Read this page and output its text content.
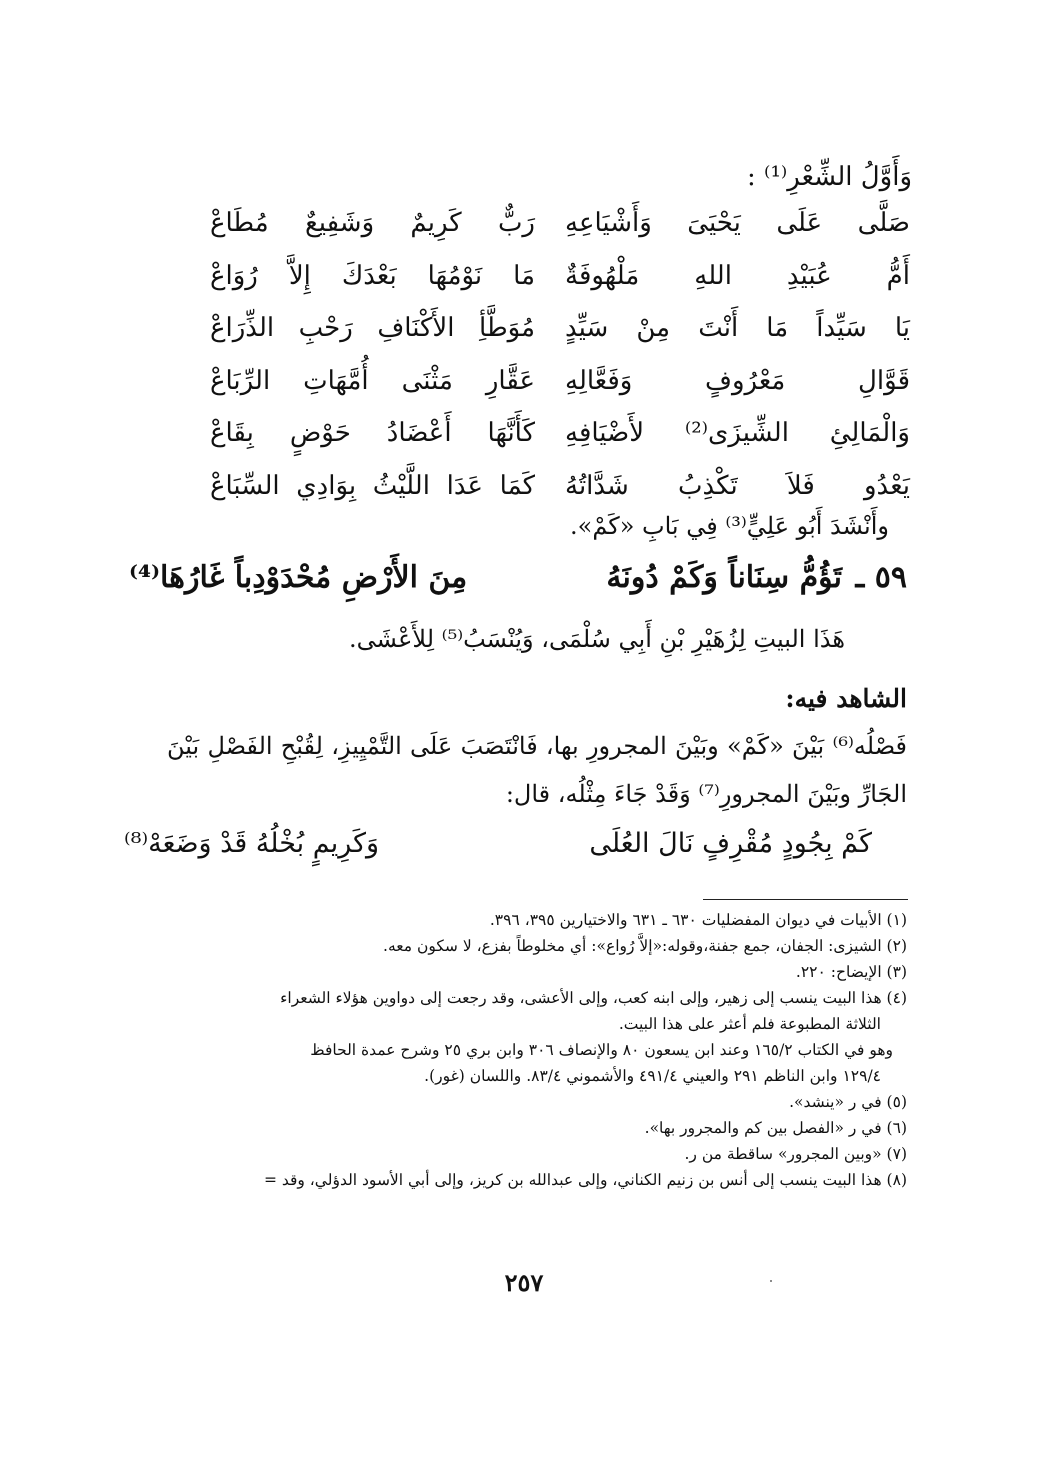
وَأَوَّلُ الشِّعْرِ⁽¹⁾ :
صَلَّى عَلَى يَحْيَىَ وَأَشْيَاعِهِ
رَبٌّ كَرِيمٌ وَشَفِيعٌ مُطَاعْ
أَمُّ عُبَيْدِ اللهِ مَلْهُوفَةٌ
مَا نَوْمُهَا بَعْدَكَ إِلاَّ رُوَاعْ
يَا سَيِّداً مَا أَنْتَ مِنْ سَيِّدٍ
مُوَطَّأِ الأَكْنَافِ رَحْبِ الذِّرَاعْ
قَوَّالِ مَعْرُوفٍ وَفَعَّالِهِ
عَقَّارِ مَثْنَى أُمَّهَاتِ الرِّبَاعْ
وَالْمَالِئِ الشِّيزَى⁽²⁾ لأَضْيَافِهِ
كَأَنَّهَا أَعْضَادُ حَوْضٍ بِقَاعْ
يَعْدُو فَلاَ تَكْذِبُ شَدَّاتُهُ
كَمَا عَدَا اللَّيْثُ بِوَادِي السِّبَاعْ
وأَنْشَدَ أَبُو عَلِيٍّ⁽³⁾ فِي بَابِ «كَمْ».
٥٩ ـ
تَؤُمُّ سِنَاناً وَكَمْ دُونَهُ
مِنَ الأَرْضِ مُحْدَوْدِباً غَارُهَا⁽⁴⁾
هَذَا البيتِ لِزُهَيْرِ بْنِ أَبِي سُلْمَى، وَيُنْسَبُ⁽⁵⁾ لِلأَعْشَى.
الشاهد فيه:
فَصْلُه⁽⁶⁾ بَيْنَ «كَمْ» وبَيْنَ المجرورِ بها، فَانْتَصَبَ عَلَى التَّمْيِيزِ، لِقُبْحِ الفَصْلِ بَيْنَ الجَارِّ وبَيْنَ المجرورِ⁽⁷⁾ وَقَدْ جَاءَ مِثْلُه، قال:
كَمْ بِجُودٍ مُقْرِفٍ نَالَ العُلَى
وَكَرِيمٍ بُخْلُهُ قَدْ وَضَعَهْ⁽⁸⁾
(١) الأبيات في ديوان المفضليات ٦٣٠ ـ ٦٣١ والاختيارين ٣٩٥، ٣٩٦.
(٢) الشيزى: الجفان، جمع جفنة،وقوله:«إلاَّ رُواع»: أي مخلوطاً بفزع، لا سكون معه.
(٣) الإيضاح: ٢٢٠.
(٤) هذا البيت ينسب إلى زهير، وإلى ابنه كعب، وإلى الأعشى، وقد رجعت إلى دواوين هؤلاء الشعراء
الثلاثة المطبوعة فلم أعثر على هذا البيت.
وهو في الكتاب ١٦٥/٢ وعند ابن يسعون ٨٠ والإنصاف ٣٠٦ وابن بري ٢٥ وشرح عمدة الحافظ
١٢٩/٤ وابن الناظم ٢٩١ والعيني ٤٩١/٤ والأشموني ٨٣/٤. واللسان (غور).
(٥) في ر «ينشد».
(٦) في ر «الفصل بين كم والمجرور بها».
(٧) «وبين المجرور» ساقطة من ر.
(٨) هذا البيت ينسب إلى أنس بن زنيم الكناني، وإلى عبدالله بن كريز، وإلى أبي الأسود الدؤلي، وقد =
٢٥٧
